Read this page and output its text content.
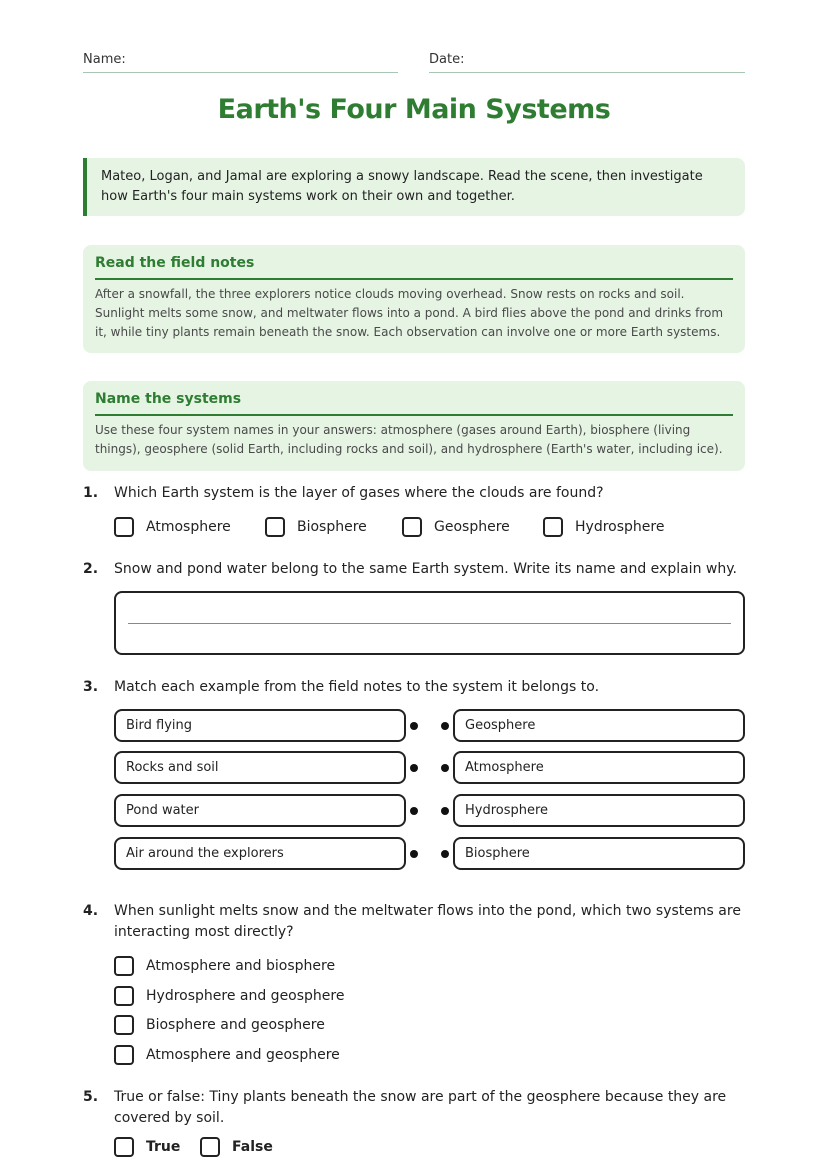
Name:	Date:
Earth's Four Main Systems
Mateo, Logan, and Jamal are exploring a snowy landscape. Read the scene, then investigate how Earth's four main systems work on their own and together.
Read the field notes

After a snowfall, the three explorers notice clouds moving overhead. Snow rests on rocks and soil. Sunlight melts some snow, and meltwater flows into a pond. A bird flies above the pond and drinks from it, while tiny plants remain beneath the snow. Each observation can involve one or more Earth systems.

Name the systems

Use these four system names in your answers: atmosphere (gases around Earth), biosphere (living things), geosphere (solid Earth, including rocks and soil), and hydrosphere (Earth's water, including ice).

1. Which Earth system is the layer of gases where the clouds are found?
Atmosphere	Biosphere	Geosphere	Hydrosphere
2. Snow and pond water belong to the same Earth system. Write its name and explain why.
3. Match each example from the field notes to the system it belongs to.
Bird flying	Geosphere
Rocks and soil	Atmosphere
Pond water	Hydrosphere
Air around the explorers	Biosphere
4. When sunlight melts snow and the meltwater flows into the pond, which two systems are interacting most directly?
Atmosphere and biosphere
Hydrosphere and geosphere
Biosphere and geosphere
Atmosphere and geosphere
5. True or false: Tiny plants beneath the snow are part of the geosphere because they are covered by soil.
True	False
